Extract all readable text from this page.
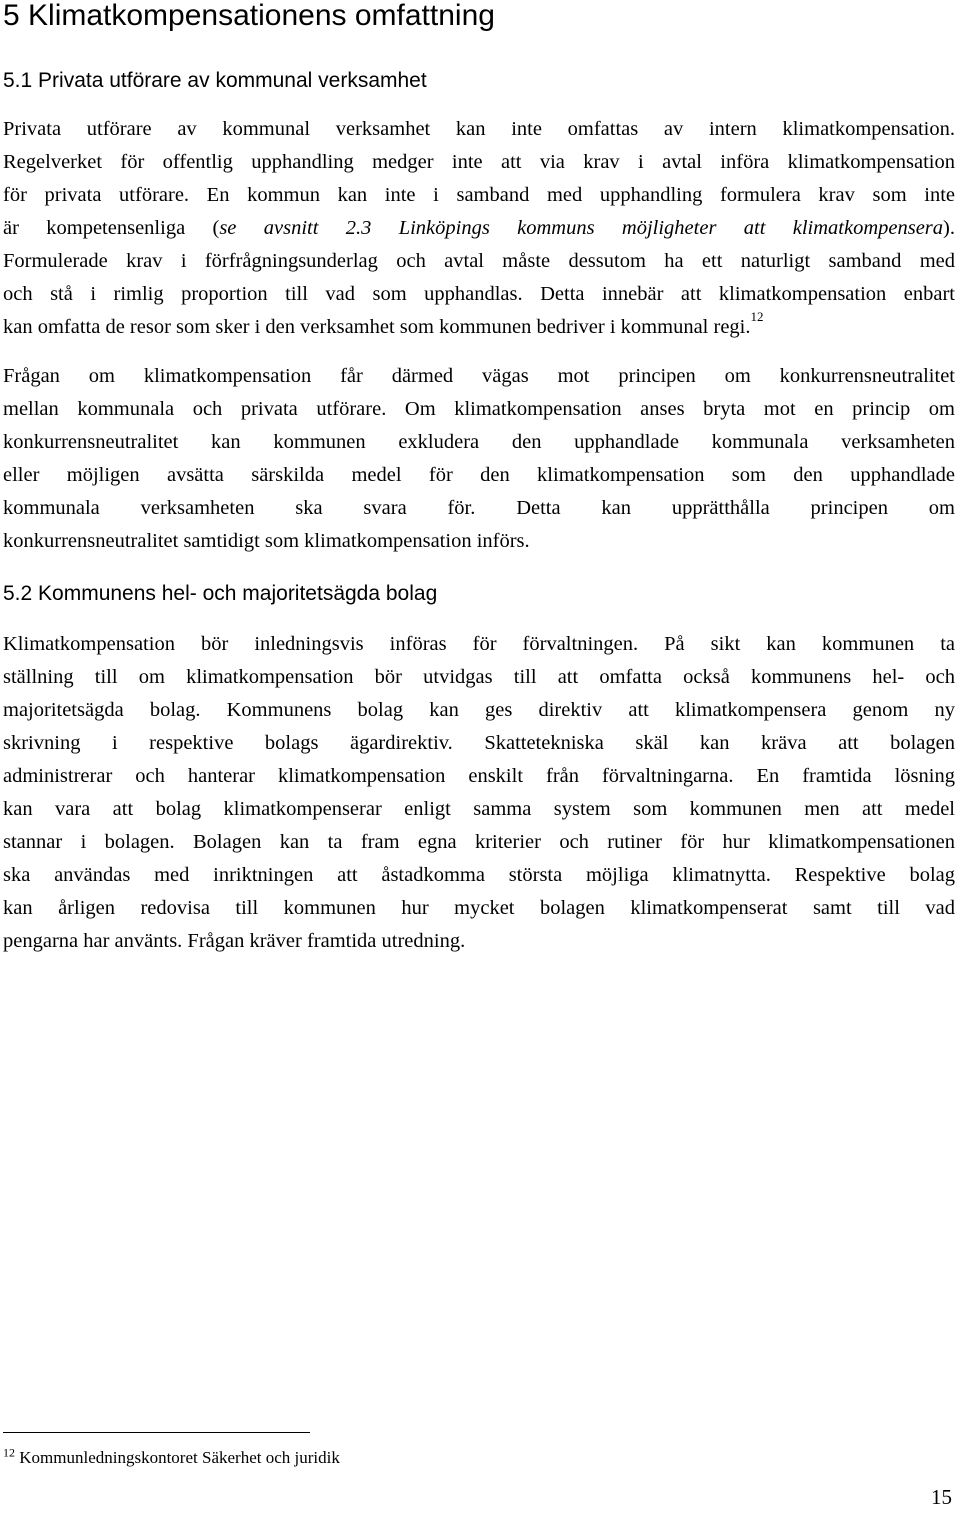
5 Klimatkompensationens omfattning
5.1 Privata utförare av kommunal verksamhet
Privata utförare av kommunal verksamhet kan inte omfattas av intern klimatkompensation.
Regelverket för offentlig upphandling medger inte att via krav i avtal införa klimatkompensation
för privata utförare. En kommun kan inte i samband med upphandling formulera krav som inte
är kompetensenliga (se avsnitt 2.3 Linköpings kommuns möjligheter att klimatkompensera).
Formulerade krav i förfrågningsunderlag och avtal måste dessutom ha ett naturligt samband med
och stå i rimlig proportion till vad som upphandlas. Detta innebär att klimatkompensation enbart
kan omfatta de resor som sker i den verksamhet som kommunen bedriver i kommunal regi.$^{12}$
Frågan om klimatkompensation får därmed vägas mot principen om konkurrensneutralitet
mellan kommunala och privata utförare. Om klimatkompensation anses bryta mot en princip om
konkurrensneutralitet kan kommunen exkludera den upphandlade kommunala verksamheten
eller möjligen avsätta särskilda medel för den klimatkompensation som den upphandlade
kommunala verksamheten ska svara för. Detta kan upprätthålla principen om
konkurrensneutralitet samtidigt som klimatkompensation införs.
5.2 Kommunens hel- och majoritetsägda bolag
Klimatkompensation bör inledningsvis införas för förvaltningen. På sikt kan kommunen ta
ställning till om klimatkompensation bör utvidgas till att omfatta också kommunens hel- och
majoritetsägda bolag. Kommunens bolag kan ges direktiv att klimatkompensera genom ny
skrivning i respektive bolags ägardirektiv. Skattetekniska skäl kan kräva att bolagen
administrerar och hanterar klimatkompensation enskilt från förvaltningarna. En framtida lösning
kan vara att bolag klimatkompenserar enligt samma system som kommunen men att medel
stannar i bolagen. Bolagen kan ta fram egna kriterier och rutiner för hur klimatkompensationen
ska användas med inriktningen att åstadkomma största möjliga klimatnytta. Respektive bolag
kan årligen redovisa till kommunen hur mycket bolagen klimatkompenserat samt till vad
pengarna har använts. Frågan kräver framtida utredning.
$^{12}$ Kommunledningskontoret Säkerhet och juridik
15
